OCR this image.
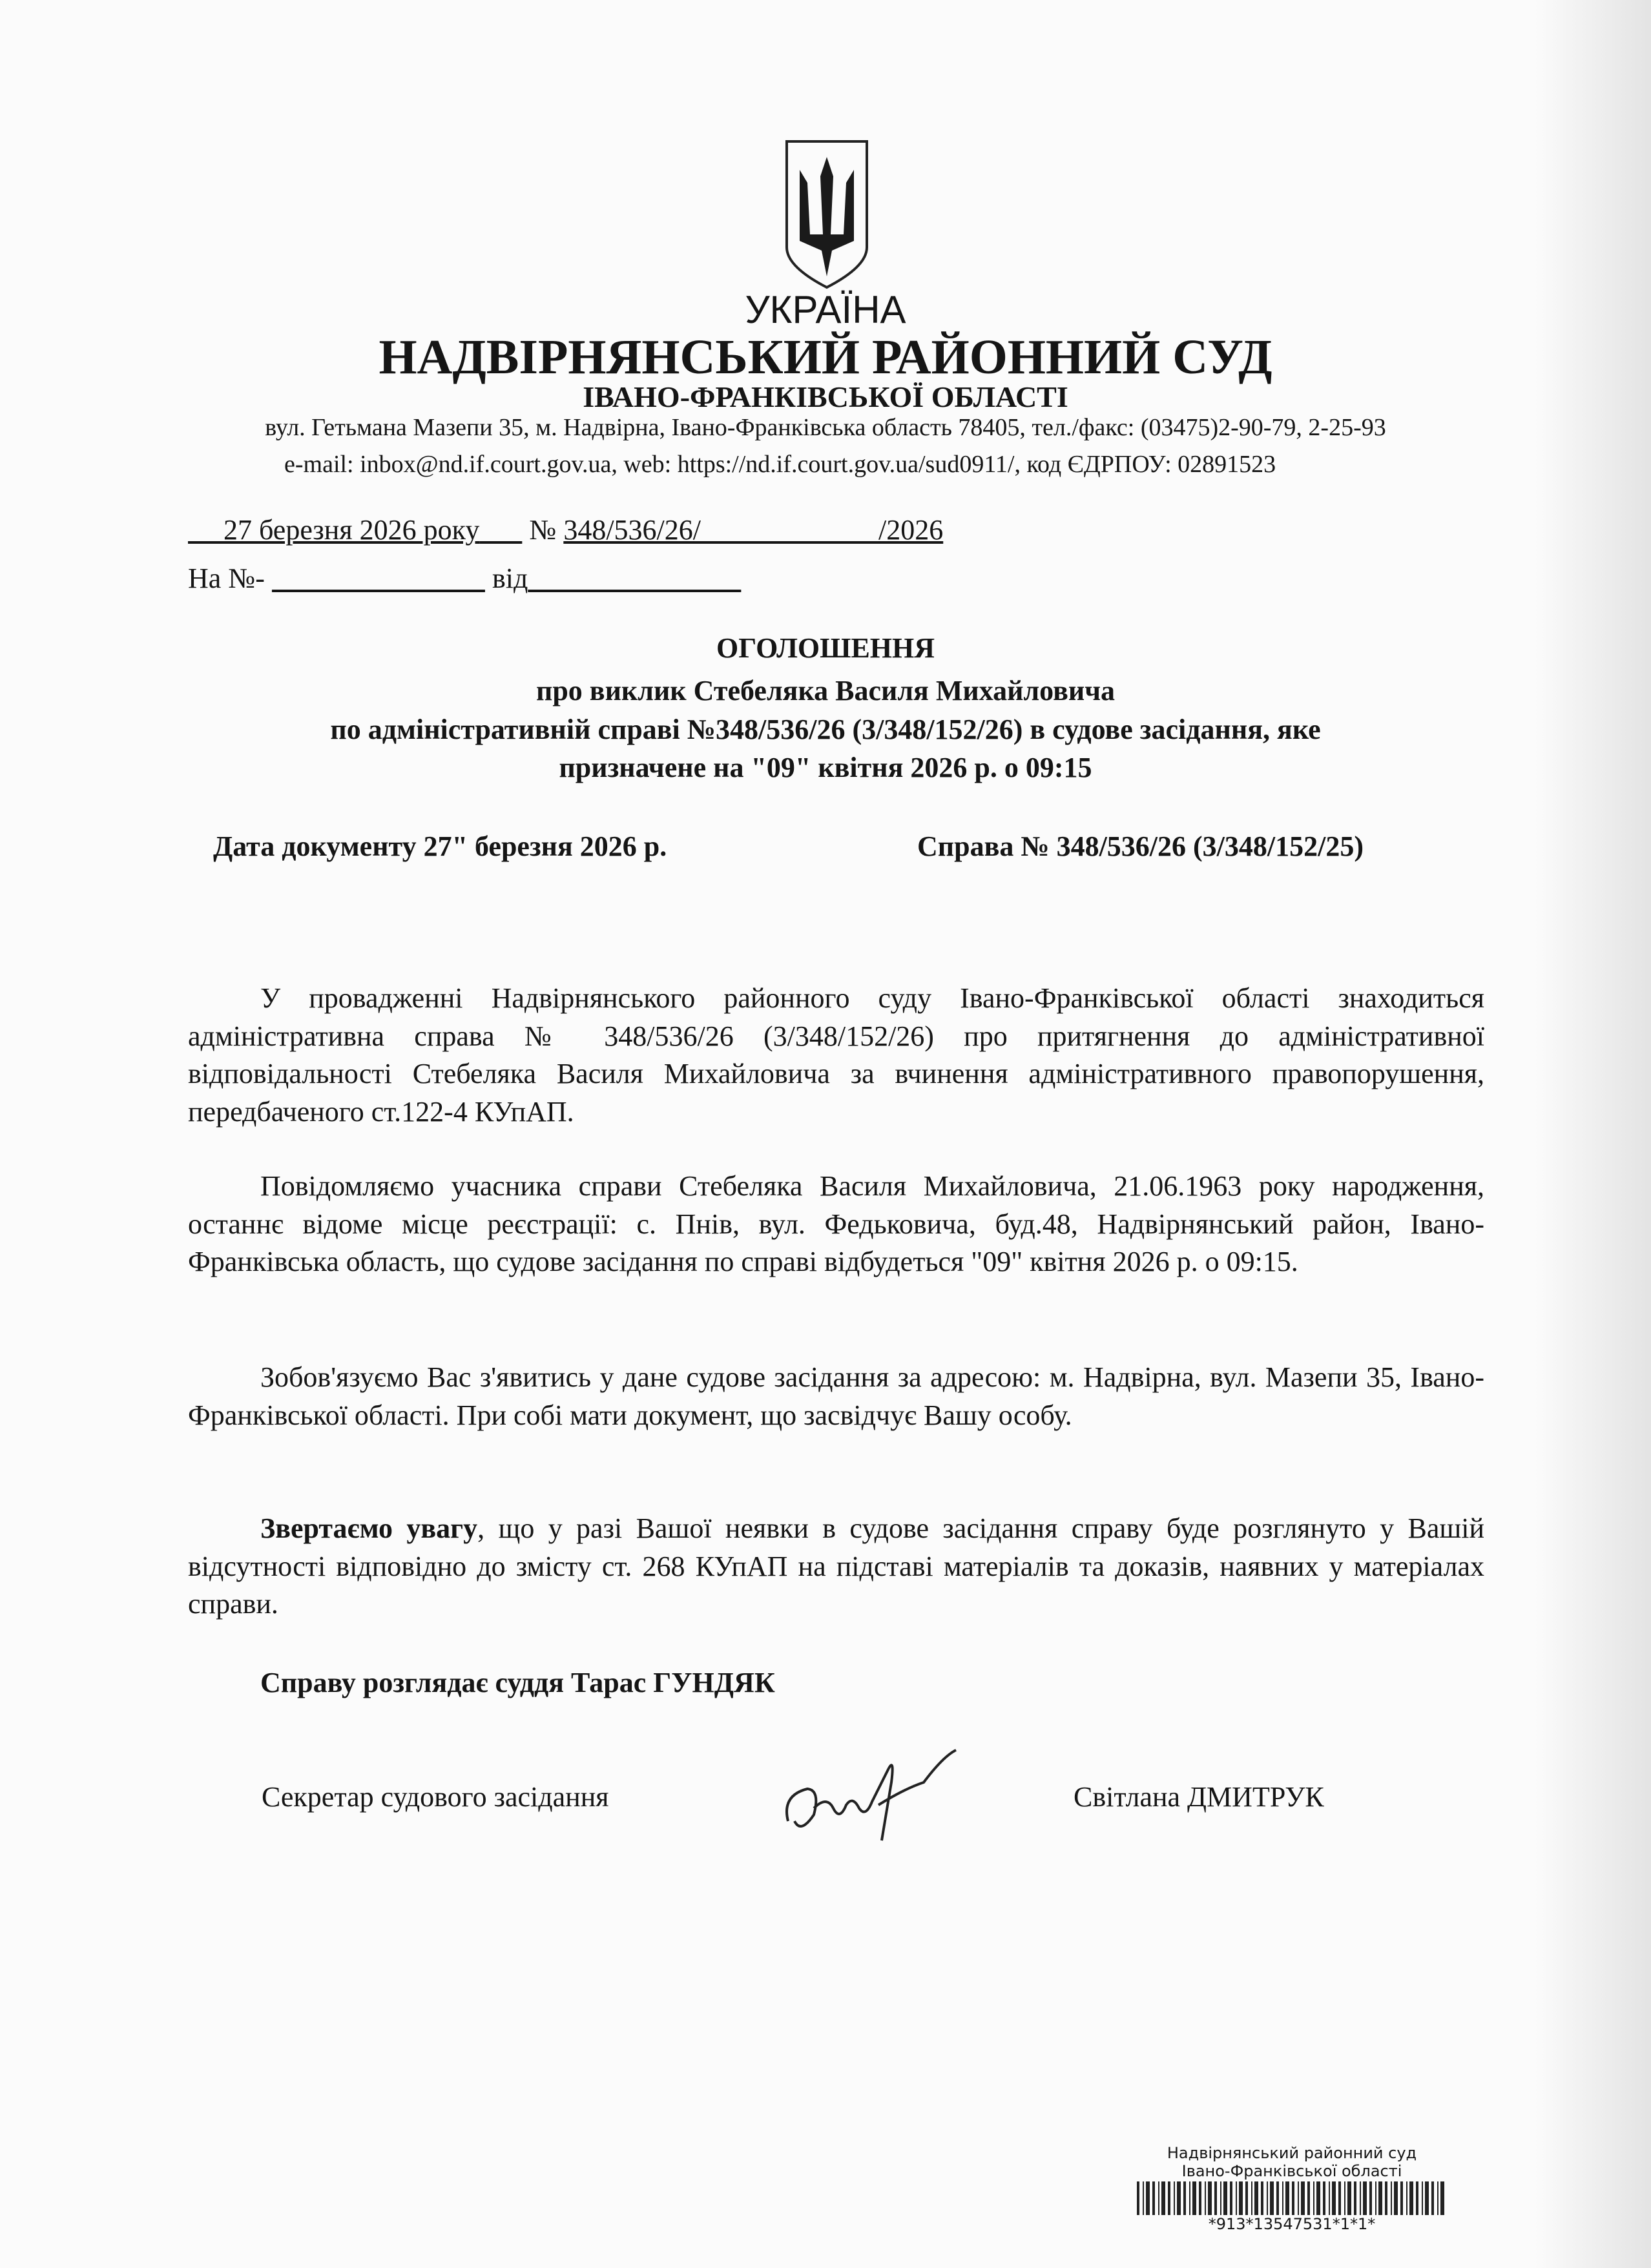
УКРАЇНА
НАДВІРНЯНСЬКИЙ РАЙОННИЙ СУД
ІВАНО-ФРАНКІВСЬКОЇ ОБЛАСТІ
вул. Гетьмана Мазепи 35, м. Надвірна, Івано-Франківська область 78405, тел./факс: (03475)2-90-79, 2-25-93
e-mail: inbox@nd.if.court.gov.ua, web: https://nd.if.court.gov.ua/sud0911/, код ЄДРПОУ: 02891523
27 березня 2026 року № 348/536/26/	/2026
На №-	від
ОГОЛОШЕННЯ
про виклик Стебеляка Василя Михайловича
по адміністративній справі №348/536/26 (3/348/152/26) в судове засідання, яке
призначене на "09" квітня 2026 р. о 09:15
Дата документу 27" березня 2026 р.	Справа № 348/536/26 (3/348/152/25)
У провадженні Надвірнянського районного суду Івано-Франківської області знаходиться адміністративна справа № 348/536/26 (3/348/152/26) про притягнення до адміністративної відповідальності Стебеляка Василя Михайловича за вчинення адміністративного правопорушення, передбаченого ст.122-4 КУпАП.
Повідомляємо учасника справи Стебеляка Василя Михайловича, 21.06.1963 року народження, останнє відоме місце реєстрації: с. Пнів, вул. Федьковича, буд.48, Надвірнянський район, Івано-Франківська область, що судове засідання по справі відбудеться "09" квітня 2026 р. о 09:15.
Зобов'язуємо Вас з'явитись у дане судове засідання за адресою: м. Надвірна, вул. Мазепи 35, Івано-Франківської області. При собі мати документ, що засвідчує Вашу особу.
Звертаємо увагу, що у разі Вашої неявки в судове засідання справу буде розглянуто у Вашій відсутності відповідно до змісту ст. 268 КУпАП на підставі матеріалів та доказів, наявних у матеріалах справи.
Справу розглядає суддя Тарас ГУНДЯК
Секретар судового засідання	Світлана ДМИТРУК
Надвірнянський районний суд
Івано-Франківської області
*913*13547531*1*1*
